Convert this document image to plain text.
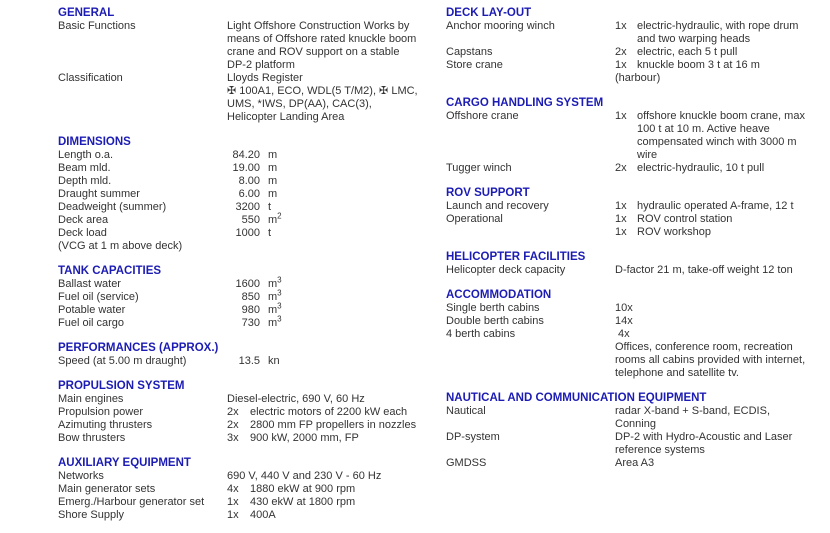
GENERAL
Basic Functions	Light Offshore Construction Works by
means of Offshore rated knuckle boom
crane and ROV support on a stable
DP-2 platform
Classification	Lloyds Register
✠ 100A1, ECO, WDL(5 T/M2), ✠ LMC,
UMS, *IWS, DP(AA), CAC(3),
Helicopter Landing Area
DIMENSIONS
Length o.a.	84.20 m
Beam mld.	19.00 m
Depth mld.	8.00 m
Draught summer	6.00 m
Deadweight (summer)	3200 t
Deck area	550 $m^2$
Deck load	1000 t
(VCG at 1 m above deck)
TANK CAPACITIES
Ballast water	1600 $m^3$
Fuel oil (service)	850 $m^3$
Potable water	980 $m^3$
Fuel oil cargo	730 $m^3$
PERFORMANCES (APPROX.)
Speed (at 5.00 m draught)	13.5 kn
PROPULSION SYSTEM
Main engines	Diesel-electric, 690 V, 60 Hz
Propulsion power	2x electric motors of 2200 kW each
Azimuting thrusters	2x 2800 mm FP propellers in nozzles
Bow thrusters	3x 900 kW, 2000 mm, FP
AUXILIARY EQUIPMENT
Networks	690 V, 440 V and 230 V - 60 Hz
Main generator sets	4x 1880 ekW at 900 rpm
Emerg./Harbour generator set	1x 430 ekW at 1800 rpm
Shore Supply	1x 400A
DECK LAY-OUT
Anchor mooring winch	1x electric-hydraulic, with rope drum
and two warping heads
Capstans	2x electric, each 5 t pull
Store crane	1x knuckle boom 3 t at 16 m
(harbour)
CARGO HANDLING SYSTEM
Offshore crane	1x offshore knuckle boom crane, max
100 t at 10 m. Active heave
compensated winch with 3000 m
wire
Tugger winch	2x electric-hydraulic, 10 t pull
ROV SUPPORT
Launch and recovery	1x hydraulic operated A-frame, 12 t
Operational	1x ROV control station
1x ROV workshop
HELICOPTER FACILITIES
Helicopter deck capacity	D-factor 21 m, take-off weight 12 ton
ACCOMMODATION
Single berth cabins	10x
Double berth cabins	14x
4 berth cabins	4x
Offices, conference room, recreation
rooms all cabins provided with internet,
telephone and satellite tv.
NAUTICAL AND COMMUNICATION EQUIPMENT
Nautical	radar X-band + S-band, ECDIS,
Conning
DP-system	DP-2 with Hydro-Acoustic and Laser
reference systems
GMDSS	Area A3
